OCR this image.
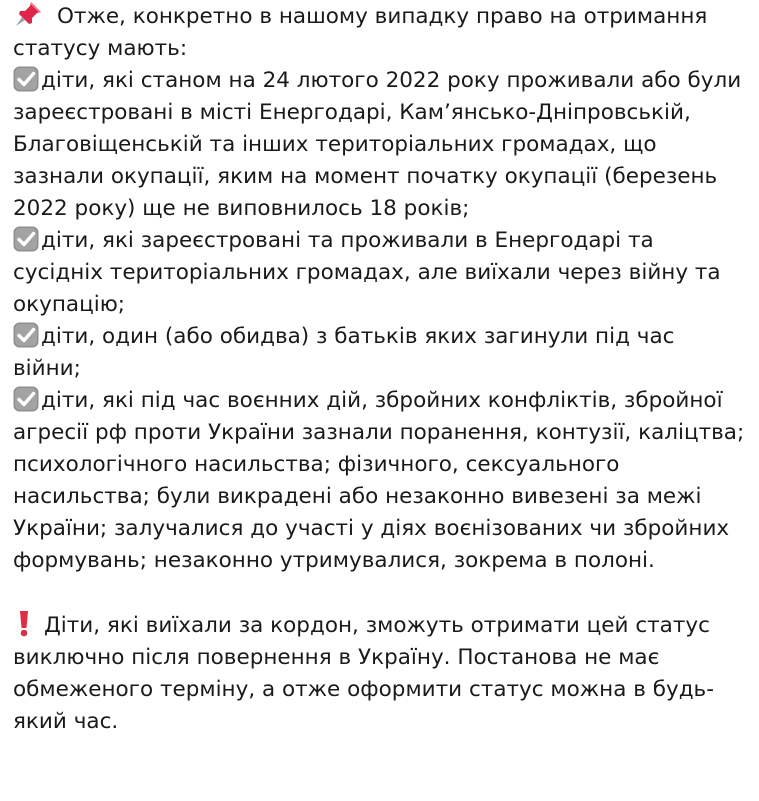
Отже, конкретно в нашому випадку право на отримання статусу мають:

діти, які станом на 24 лютого 2022 року проживали або були зареєстровані в місті Енергодарі, Кам’янсько-Дніпровській, Благовіщенській та інших територіальних громадах, що зазнали окупації, яким на момент початку окупації (березень 2022 року) ще не виповнилось 18 років;

діти, які зареєстровані та проживали в Енергодарі та сусідніх територіальних громадах, але виїхали через війну та окупацію;

діти, один (або обидва) з батьків яких загинули під час війни;

діти, які під час воєнних дій, збройних конфліктів, збройної агресії рф проти України зазнали поранення, контузії, каліцтва; психологічного насильства; фізичного, сексуального насильства; були викрадені або незаконно вивезені за межі України; залучалися до участі у діях воєнізованих чи збройних формувань; незаконно утримувалися, зокрема в полоні.

Діти, які виїхали за кордон, зможуть отримати цей статус виключно після повернення в Україну. Постанова не має обмеженого терміну, а отже оформити статус можна в будь-який час.
